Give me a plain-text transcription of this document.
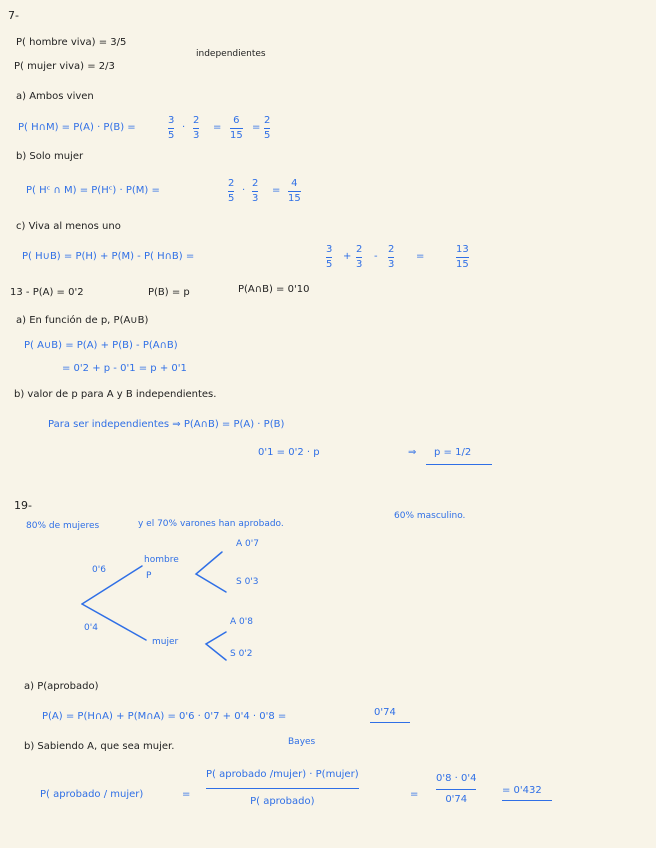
7-
P( hombre viva) = 3/5
P( mujer viva) = 2/3
independientes
a) Ambos viven
P( H∩M) = P(A) · P(B) =
3
5
·
2
3
=
6
15
=
2
5
b) Solo mujer
P( Hᶜ ∩ M) = P(Hᶜ) · P(M) =
2
5
·
2
3
=
4
15
c) Viva al menos uno
P( H∪B) = P(H) + P(M) - P( H∩B) =
3
5
+
2
3
-
2
3
=
13
15
13 - P(A) = 0'2	P(B) = p	P(A∩B) = 0'10
a) En función de p, P(A∪B)
P( A∪B) = P(A) + P(B) - P(A∩B)
= 0'2 + p - 0'1 = p + 0'1
b) valor de p para A y B independientes.
Para ser independientes ⇒ P(A∩B) = P(A) · P(B)
0'1 = 0'2 · p	⇒ p = 1/2
19-
80% de mujeres	y el 70% varones han aprobado.
60% masculino.
0'6
hombre
P
A 0'7
S 0'3
0'4
mujer
A 0'8
S 0'2
a) P(aprobado)
P(A) = P(H∩A) + P(M∩A) = 0'6 · 0'7 + 0'4 · 0'8 =	0'74
b) Sabiendo A, que sea mujer.	Bayes
P( aprobado / mujer)	=
P( aprobado /mujer) · P(mujer)
P( aprobado)
=
0'8 · 0'4
0'74
= 0'432
